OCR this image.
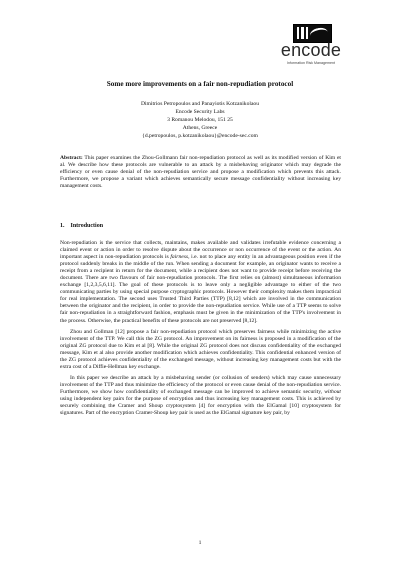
encode
Information Risk Management
Some more improvements on a fair non-repudiation protocol
Dimitrios Petropoulos and Panayiotis Kotzanikolaou
Encode Security Labs
3 Romanou Melodou, 151 25
Athens, Greece
{d.petropoulos, p.kotzanikolaou}@encode-sec.com
Abstract: This paper examines the Zhou-Gollmann fair non-repudiation protocol as well as its modified version of Kim et al. We describe how these protocols are vulnerable to an attack by a misbehaving originator which may degrade the efficiency or even cause denial of the non-repudiation service and propose a modification which prevents this attack. Furthermore, we propose a variant which achieves semantically secure message confidentiality without increasing key management costs.
1. Introduction

Non-repudiation is the service that collects, maintains, makes available and validates irrefutable evidence concerning a claimed event or action in order to resolve dispute about the occurrence or non occurrence of the event or the action. An important aspect in non-repudiation protocols is fairness, i.e. not to place any entity in an advantageous position even if the protocol suddenly breaks in the middle of the run. When sending a document for example, an originator wants to receive a receipt from a recipient in return for the document, while a recipient does not want to provide receipt before receiving the document. There are two flavours of fair non-repudiation protocols. The first relies on (almost) simultaneous information exchange [1,2,3,5,6,11]. The goal of these protocols is to leave only a negligible advantage to either of the two communicating parties by using special purpose cryptographic protocols. However their complexity makes them impractical for real implementation. The second uses Trusted Third Parties (TTP) [8,12] which are involved in the communication between the originator and the recipient, in order to provide the non-repudiation service. While use of a TTP seems to solve fair non-repudiation in a straightforward fashion, emphasis must be given in the minimization of the TTP's involvement in the process. Otherwise, the practical benefits of these protocols are not preserved [8,12].

Zhou and Gollman [12] propose a fair non-repudiation protocol which preserves fairness while minimizing the active involvement of the TTP. We call this the ZG protocol. An improvement on its fairness is proposed in a modification of the original ZG protocol due to Kim et al [8]. While the original ZG protocol does not discuss confidentiality of the exchanged message, Kim et al also provide another modification which achieves confidentiality. This confidential enhanced version of the ZG protocol achieves confidentiality of the exchanged message, without increasing key management costs but with the extra cost of a Diffie-Hellman key exchange.

In this paper we describe an attack by a misbehaving sender (or collusion of senders) which may cause unnecessary involvement of the TTP and thus minimize the efficiency of the protocol or even cause denial of the non-repudiation service. Furthermore, we show how confidentiality of exchanged message can be improved to achieve semantic security, without using independent key pairs for the purpose of encryption and thus increasing key management costs. This is achieved by securely combining the Cramer and Shoup cryptosystem [4] for encryption with the ElGamal [10] cryptosystem for signatures. Part of the encryption Cramer-Shoup key pair is used as the ElGamal signature key pair, by

1
